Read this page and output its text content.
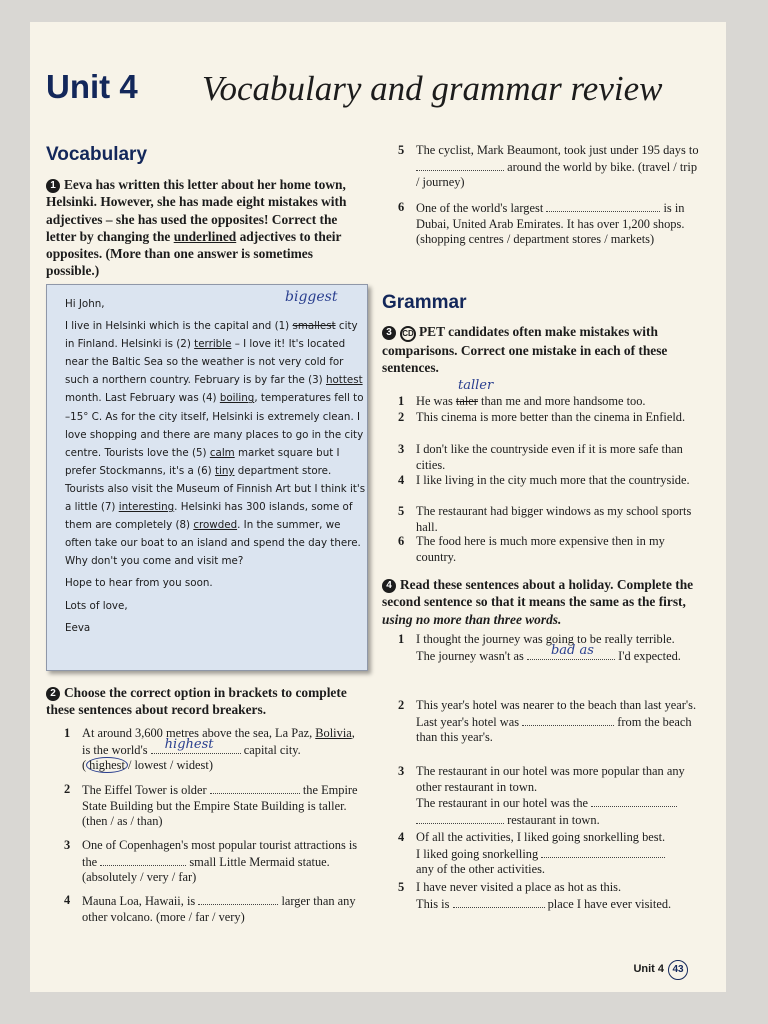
Unit 4 Vocabulary and grammar review
Vocabulary
1 Eeva has written this letter about her home town, Helsinki. However, she has made eight mistakes with adjectives – she has used the opposites! Correct the letter by changing the underlined adjectives to their opposites. (More than one answer is sometimes possible.)
biggest

Hi John,

I live in Helsinki which is the capital and (1) smallest city in Finland. Helsinki is (2) terrible – I love it! It's located near the Baltic Sea so the weather is not very cold for such a northern country. February is by far the (3) hottest month. Last February was (4) boiling, temperatures fell to –15° C. As for the city itself, Helsinki is extremely clean. I love shopping and there are many places to go in the city centre. Tourists love the (5) calm market square but I prefer Stockmanns, it's a (6) tiny department store. Tourists also visit the Museum of Finnish Art but I think it's a little (7) interesting. Helsinki has 300 islands, some of them are completely (8) crowded. In the summer, we often take our boat to an island and spend the day there. Why don't you come and visit me?

Hope to hear from you soon.

Lots of love,

Eeva

2 Choose the correct option in brackets to complete these sentences about record breakers.
1 At around 3,600 metres above the sea, La Paz, Bolivia, is the world's highest capital city.
( highest / lowest / widest)
2 The Eiffel Tower is older	the Empire State Building but the Empire State Building is taller. (then / as / than)
3 One of Copenhagen's most popular tourist attractions is the	small Little Mermaid statue. (absolutely / very / far)
4 Mauna Loa, Hawaii, is	larger than any other volcano. (more / far / very)
5 The cyclist, Mark Beaumont, took just under 195 days to  around the world by bike. (travel / trip / journey)
6 One of the world's largest	is in Dubai, United Arab Emirates. It has over 1,200 shops. (shopping centres / department stores / markets)
Grammar
3 CD PET candidates often make mistakes with comparisons. Correct one mistake in each of these sentences.
taller
1 He was taler than me and more handsome too.
2 This cinema is more better than the cinema in Enfield.
3 I don't like the countryside even if it is more safe than cities.
4 I like living in the city much more that the countryside.
5 The restaurant had bigger windows as my school sports hall.
6 The food here is much more expensive then in my country.
4 Read these sentences about a holiday. Complete the second sentence so that it means the same as the first, using no more than three words.
1 I thought the journey was going to be really terrible.
The journey wasn't as bad as I'd expected.
2 This year's hotel was nearer to the beach than last year's.
Last year's hotel was	from the beach than this year's.
3 The restaurant in our hotel was more popular than any other restaurant in town.
The restaurant in our hotel was the   restaurant in town.
4 Of all the activities, I liked going snorkelling best.
I liked going snorkelling
any of the other activities.
5 I have never visited a place as hot as this.
This is	place I have ever visited.
Unit 4 43
